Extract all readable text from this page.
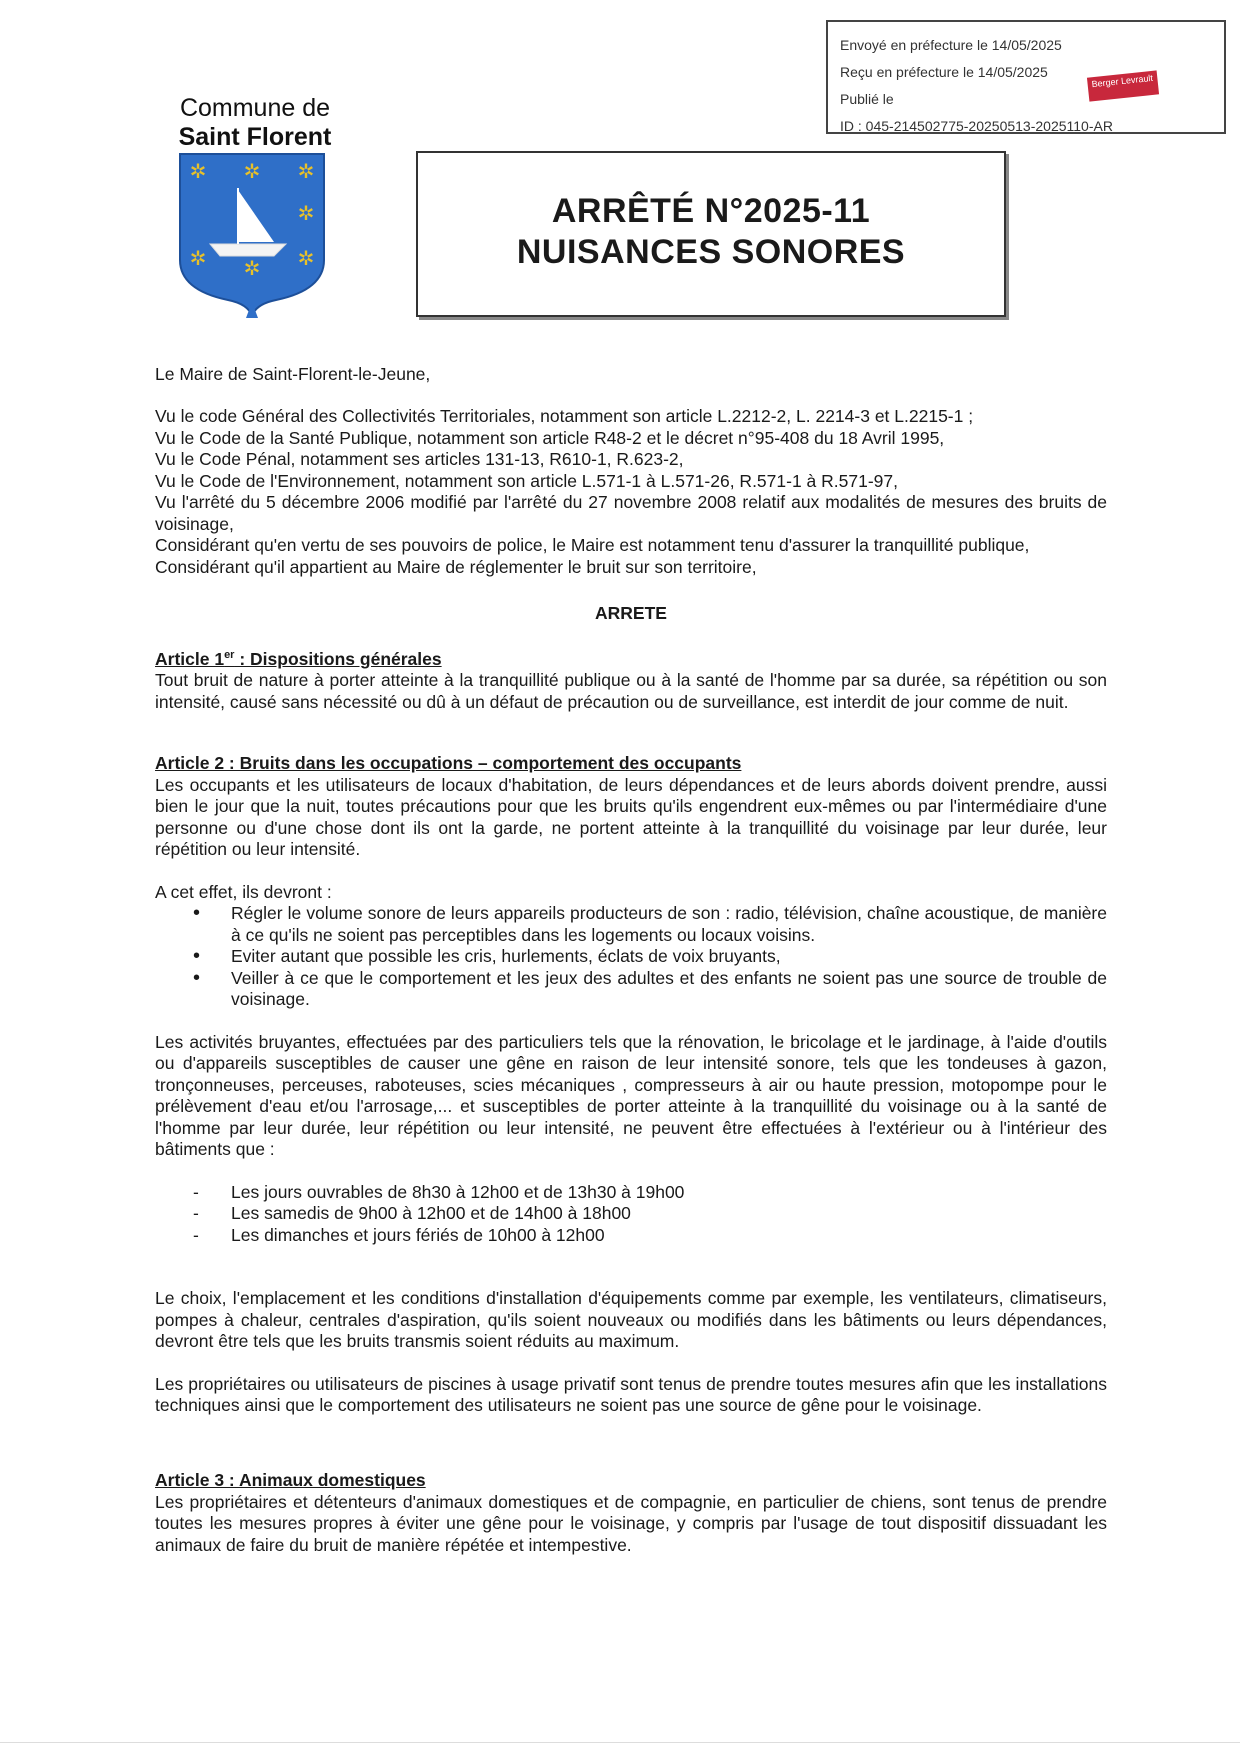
Envoyé en préfecture le 14/05/2025
Reçu en préfecture le 14/05/2025
Publié le
ID : 045-214502775-20250513-2025110-AR
Berger Levrault
Commune de
Saint Florent
✲ ✲ ✲
✲
✲ ✲ ✲
ARRÊTÉ N°2025-11
NUISANCES SONORES
Le Maire de Saint-Florent-le-Jeune,
Vu le code Général des Collectivités Territoriales, notamment son article L.2212-2, L. 2214-3 et L.2215-1 ;
Vu le Code de la Santé Publique, notamment son article R48-2 et le décret n°95-408 du 18 Avril 1995,
Vu le Code Pénal, notamment ses articles 131-13, R610-1, R.623-2,
Vu le Code de l'Environnement, notamment son article L.571-1 à L.571-26, R.571-1 à R.571-97,
Vu l'arrêté du 5 décembre 2006 modifié par l'arrêté du 27 novembre 2008 relatif aux modalités de mesures des bruits de voisinage,
Considérant qu'en vertu de ses pouvoirs de police, le Maire est notamment tenu d'assurer la tranquillité publique,
Considérant qu'il appartient au Maire de réglementer le bruit sur son territoire,
ARRETE
Article 1er : Dispositions générales
Tout bruit de nature à porter atteinte à la tranquillité publique ou à la santé de l'homme par sa durée, sa répétition ou son intensité, causé sans nécessité ou dû à un défaut de précaution ou de surveillance, est interdit de jour comme de nuit.
Article 2 : Bruits dans les occupations – comportement des occupants
Les occupants et les utilisateurs de locaux d'habitation, de leurs dépendances et de leurs abords doivent prendre, aussi bien le jour que la nuit, toutes précautions pour que les bruits qu'ils engendrent eux-mêmes ou par l'intermédiaire d'une personne ou d'une chose dont ils ont la garde, ne portent atteinte à la tranquillité du voisinage par leur durée, leur répétition ou leur intensité.
A cet effet, ils devront :
• Régler le volume sonore de leurs appareils producteurs de son : radio, télévision, chaîne acoustique, de manière à ce qu'ils ne soient pas perceptibles dans les logements ou locaux voisins.
• Eviter autant que possible les cris, hurlements, éclats de voix bruyants,
• Veiller à ce que le comportement et les jeux des adultes et des enfants ne soient pas une source de trouble de voisinage.
Les activités bruyantes, effectuées par des particuliers tels que la rénovation, le bricolage et le jardinage, à l'aide d'outils ou d'appareils susceptibles de causer une gêne en raison de leur intensité sonore, tels que les tondeuses à gazon, tronçonneuses, perceuses, raboteuses, scies mécaniques , compresseurs à air ou haute pression, motopompe pour le prélèvement d'eau et/ou l'arrosage,... et susceptibles de porter atteinte à la tranquillité du voisinage ou à la santé de l'homme par leur durée, leur répétition ou leur intensité, ne peuvent être effectuées à l'extérieur ou à l'intérieur des bâtiments que :
- Les jours ouvrables de 8h30 à 12h00 et de 13h30 à 19h00
- Les samedis de 9h00 à 12h00 et de 14h00 à 18h00
- Les dimanches et jours fériés de 10h00 à 12h00
Le choix, l'emplacement et les conditions d'installation d'équipements comme par exemple, les ventilateurs, climatiseurs, pompes à chaleur, centrales d'aspiration, qu'ils soient nouveaux ou modifiés dans les bâtiments ou leurs dépendances, devront être tels que les bruits transmis soient réduits au maximum.
Les propriétaires ou utilisateurs de piscines à usage privatif sont tenus de prendre toutes mesures afin que les installations techniques ainsi que le comportement des utilisateurs ne soient pas une source de gêne pour le voisinage.
Article 3 : Animaux domestiques
Les propriétaires et détenteurs d'animaux domestiques et de compagnie, en particulier de chiens, sont tenus de prendre toutes les mesures propres à éviter une gêne pour le voisinage, y compris par l'usage de tout dispositif dissuadant les animaux de faire du bruit de manière répétée et intempestive.
